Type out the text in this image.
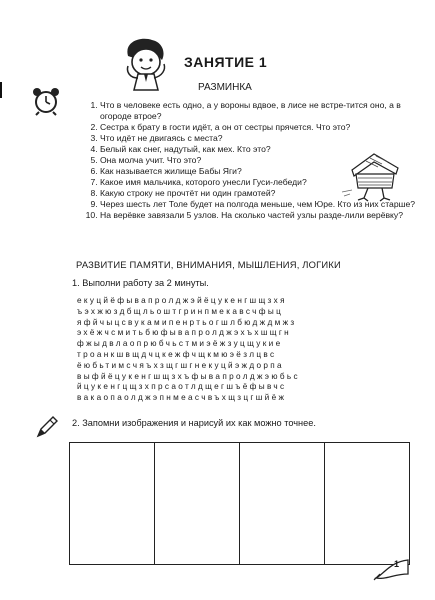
ЗАНЯТИЕ 1
РАЗМИНКА
1. Что в человеке есть одно, а у вороны вдвое, в лисе не встре-тится оно, а в огороде втрое?
2. Сестра к брату в гости идёт, а он от сестры прячется. Что это?
3. Что идёт не двигаясь с места?
4. Белый как снег, надутый, как мех. Кто это?
5. Она молча учит. Что это?
6. Как называется жилище Бабы Яги?
7. Какое имя мальчика, которого унесли Гуси-лебеди?
8. Какую строку не прочтёт ни один грамотей?
9. Через шесть лет Толе будет на полгода меньше, чем Юре. Кто из них старше?
10. На верёвке завязали 5 узлов. На сколько частей узлы разде-лили верёвку?
РАЗВИТИЕ ПАМЯТИ, ВНИМАНИЯ, МЫШЛЕНИЯ, ЛОГИКИ
1. Выполни работу за 2 минуты.
екуцйёфывапролджэйёцукенгшщзхя
ъэхжюздбщльоштгринпмекавсчфыц
яфйчыцсвукамипенртьогшлбюдждмжз
эхёжчсмитьбюфывапролджэхъхшщгн
фжыдвлаопрюбчьстмиэёжзуцщукие
троанкшвщдчцкежфчщкмюэёзлцвс
ёюбьтимсчяъхзщгшгнекуцйэждорпа
выфйёцукенгшщзхъфывапролджэюбьс
йцукенгцщзхпрсаотлдщегшъёфывчс
вакаопаолджэпнмеасчвъхщзцгшйёж
2. Запомни изображения и нарисуй их как можно точнее.
1
